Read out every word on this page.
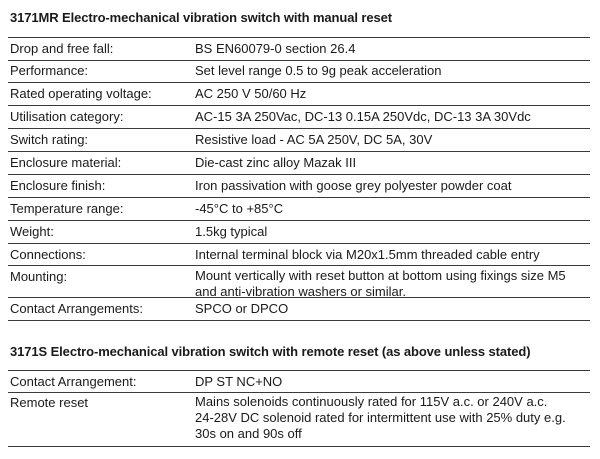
3171MR Electro-mechanical vibration switch with manual reset
Drop and free fall:	BS EN60079-0 section 26.4
Performance:	Set level range 0.5 to 9g peak acceleration
Rated operating voltage:	AC 250 V 50/60 Hz
Utilisation category:	AC-15 3A 250Vac, DC-13 0.15A 250Vdc, DC-13 3A 30Vdc
Switch rating:	Resistive load - AC 5A 250V, DC 5A, 30V
Enclosure material:	Die-cast zinc alloy Mazak III
Enclosure finish:	Iron passivation with goose grey polyester powder coat
Temperature range:	-45°C to +85°C
Weight:	1.5kg typical
Connections:	Internal terminal block via M20x1.5mm threaded cable entry
Mounting:	Mount vertically with reset button at bottom using fixings size M5
and anti-vibration washers or similar.
Contact Arrangements:	SPCO or DPCO
3171S Electro-mechanical vibration switch with remote reset (as above unless stated)
Contact Arrangement:	DP ST NC+NO
Remote reset	Mains solenoids continuously rated for 115V a.c. or 240V a.c.
24-28V DC solenoid rated for intermittent use with 25% duty e.g.
30s on and 90s off
